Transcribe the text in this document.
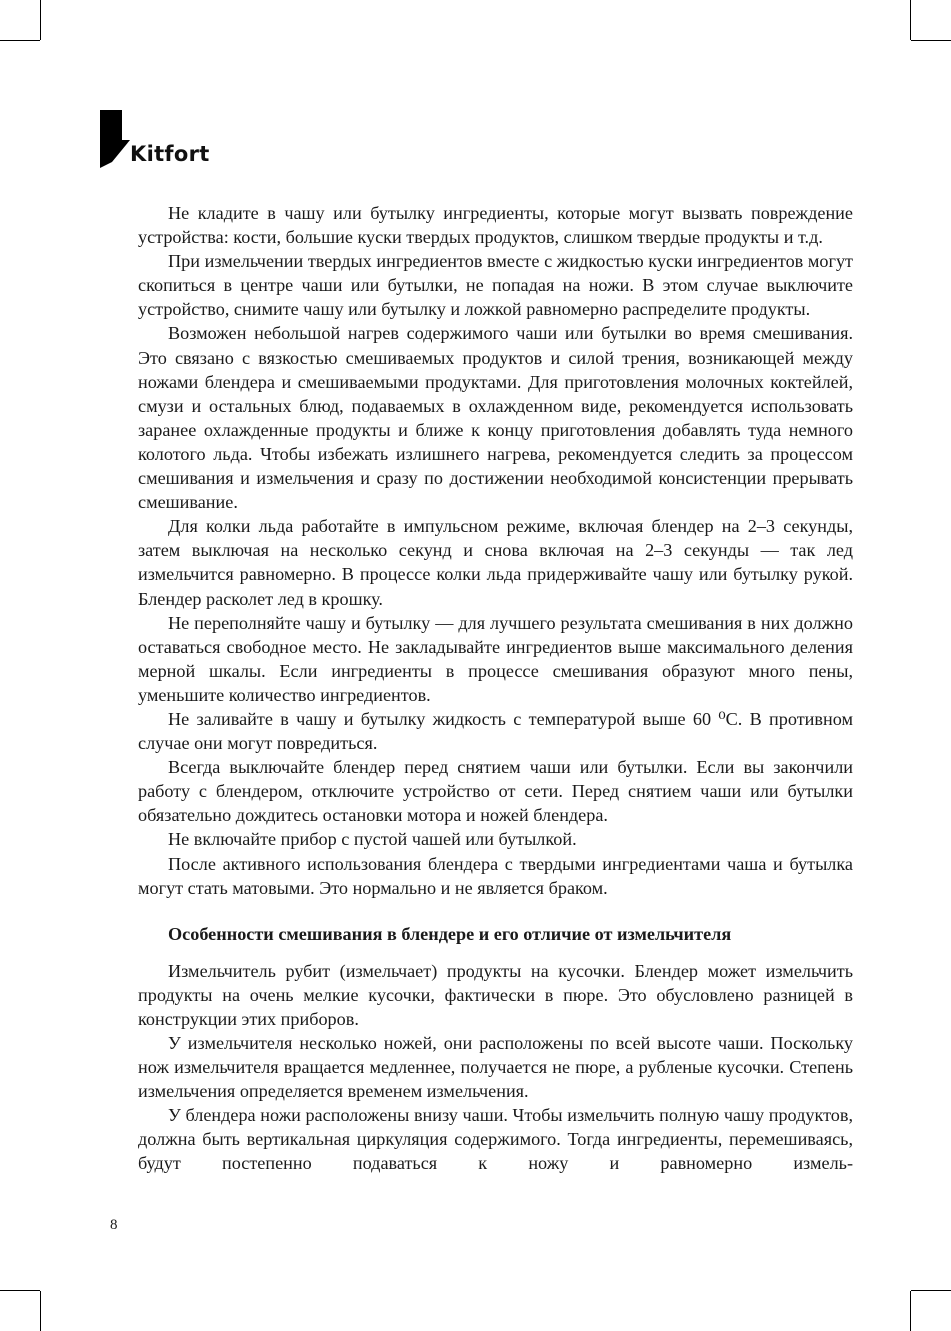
Kitfort

Не кладите в чашу или бутылку ингредиенты, которые могут вызвать повреждение устройства: кости, большие куски твердых продуктов, слишком твердые продукты и т.д.

При измельчении твердых ингредиентов вместе с жидкостью куски ингредиентов могут скопиться в центре чаши или бутылки, не попадая на ножи. В этом случае выключите устройство, снимите чашу или бутылку и ложкой равномерно распределите продукты.

Возможен небольшой нагрев содержимого чаши или бутылки во время смешивания. Это связано с вязкостью смешиваемых продуктов и силой трения, возникающей между ножами блендера и смешиваемыми продуктами. Для приготовления молочных коктейлей, смузи и остальных блюд, подаваемых в охлажденном виде, рекомендуется использовать заранее охлажденные продукты и ближе к концу приготовления добавлять туда немного колотого льда. Чтобы избежать излишнего нагрева, рекомендуется следить за процессом смешивания и измельчения и сразу по достижении необходимой консистенции прерывать смешивание.

Для колки льда работайте в импульсном режиме, включая блендер на 2–3 секунды, затем выключая на несколько секунд и снова включая на 2–3 секунды — так лед измельчится равномерно. В процессе колки льда придерживайте чашу или бутылку рукой. Блендер расколет лед в крошку.

Не переполняйте чашу и бутылку — для лучшего результата смешивания в них должно оставаться свободное место. Не закладывайте ингредиентов выше максимального деления мерной шкалы. Если ингредиенты в процессе смешивания образуют много пены, уменьшите количество ингредиентов.

Не заливайте в чашу и бутылку жидкость с температурой выше 60 ⁰С. В противном случае они могут повредиться.

Всегда выключайте блендер перед снятием чаши или бутылки. Если вы закончили работу с блендером, отключите устройство от сети. Перед снятием чаши или бутылки обязательно дождитесь остановки мотора и ножей блендера.

Не включайте прибор с пустой чашей или бутылкой.

После активного использования блендера с твердыми ингредиентами чаша и бутылка могут стать матовыми. Это нормально и не является браком.

Особенности смешивания в блендере и его отличие от измельчителя

Измельчитель рубит (измельчает) продукты на кусочки. Блендер может измельчить продукты на очень мелкие кусочки, фактически в пюре. Это обусловлено разницей в конструкции этих приборов.

У измельчителя несколько ножей, они расположены по всей высоте чаши. Поскольку нож измельчителя вращается медленнее, получается не пюре, а рубленые кусочки. Степень измельчения определяется временем измельчения.

У блендера ножи расположены внизу чаши. Чтобы измельчить полную чашу продуктов, должна быть вертикальная циркуляция содержимого. Тогда ингредиенты, перемешиваясь, будут постепенно подаваться к ножу и равномерно измель-

8
